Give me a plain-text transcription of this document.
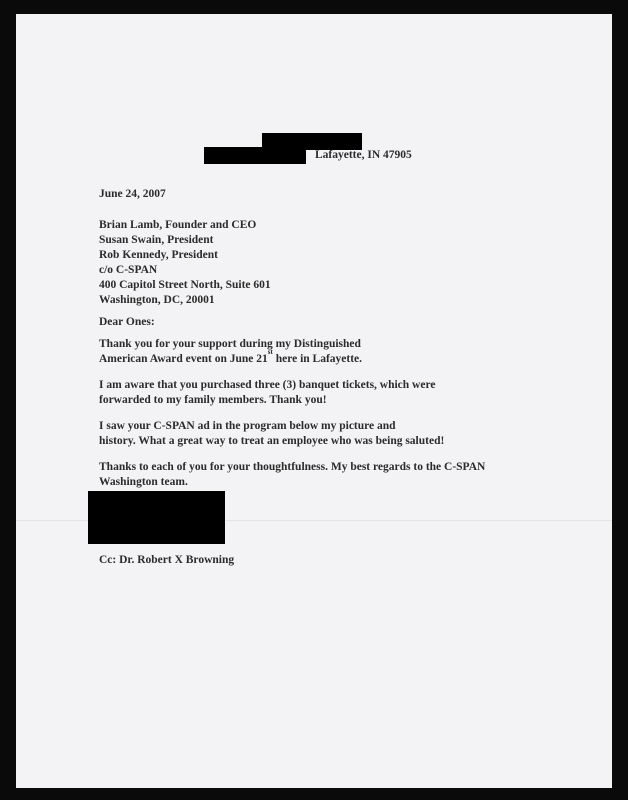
Lafayette, IN 47905
June 24, 2007
Brian Lamb, Founder and CEO
Susan Swain, President
Rob Kennedy, President
c/o C-SPAN
400 Capitol Street North, Suite 601
Washington, DC, 20001
Dear Ones:
Thank you for your support during my Distinguished
American Award event on June 21st here in Lafayette.
I am aware that you purchased three (3) banquet tickets, which were
forwarded to my family members. Thank you!
I saw your C-SPAN ad in the program below my picture and
history. What a great way to treat an employee who was being saluted!
Thanks to each of you for your thoughtfulness. My best regards to the C-SPAN
Washington team.
Cc: Dr. Robert X Browning
